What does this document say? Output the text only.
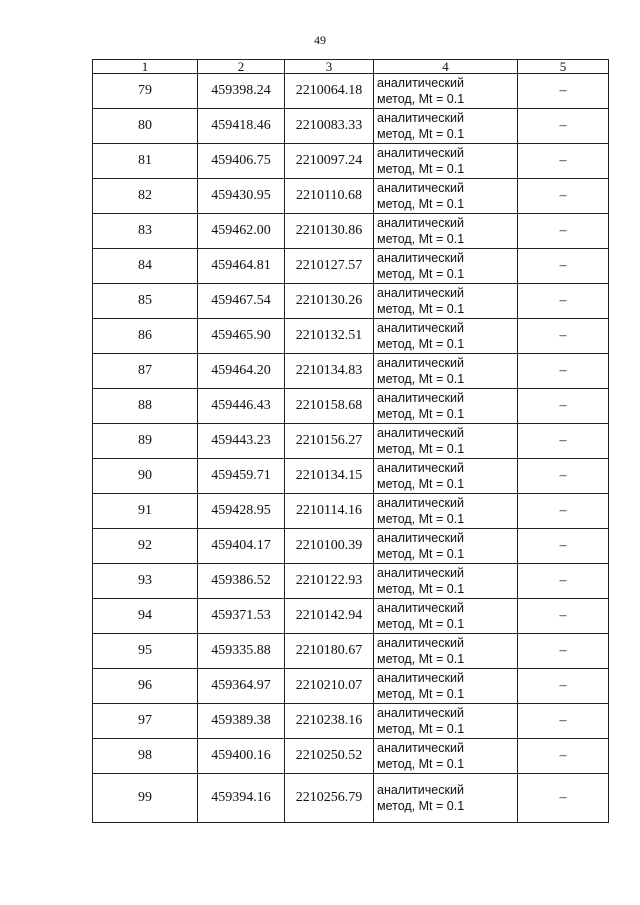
49
1	2	3	4	5
79	459398.24	2210064.18	аналитический
метод, Mt = 0.1	–
80	459418.46	2210083.33	аналитический
метод, Mt = 0.1	–
81	459406.75	2210097.24	аналитический
метод, Mt = 0.1	–
82	459430.95	2210110.68	аналитический
метод, Mt = 0.1	–
83	459462.00	2210130.86	аналитический
метод, Mt = 0.1	–
84	459464.81	2210127.57	аналитический
метод, Mt = 0.1	–
85	459467.54	2210130.26	аналитический
метод, Mt = 0.1	–
86	459465.90	2210132.51	аналитический
метод, Mt = 0.1	–
87	459464.20	2210134.83	аналитический
метод, Mt = 0.1	–
88	459446.43	2210158.68	аналитический
метод, Mt = 0.1	–
89	459443.23	2210156.27	аналитический
метод, Mt = 0.1	–
90	459459.71	2210134.15	аналитический
метод, Mt = 0.1	–
91	459428.95	2210114.16	аналитический
метод, Mt = 0.1	–
92	459404.17	2210100.39	аналитический
метод, Mt = 0.1	–
93	459386.52	2210122.93	аналитический
метод, Mt = 0.1	–
94	459371.53	2210142.94	аналитический
метод, Mt = 0.1	–
95	459335.88	2210180.67	аналитический
метод, Mt = 0.1	–
96	459364.97	2210210.07	аналитический
метод, Mt = 0.1	–
97	459389.38	2210238.16	аналитический
метод, Mt = 0.1	–
98	459400.16	2210250.52	аналитический
метод, Mt = 0.1	–
99	459394.16	2210256.79	аналитический
метод, Mt = 0.1	–
